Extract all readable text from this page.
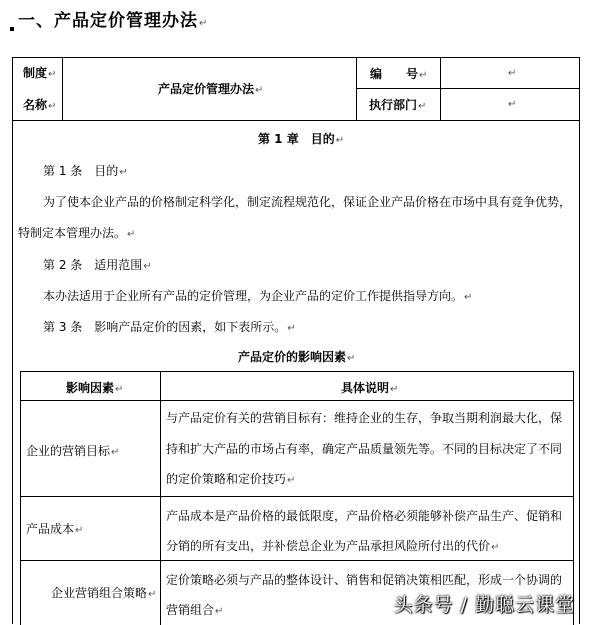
一、产品定价管理办法↵
制度↵
名称↵
产品定价管理办法↵
编　　号↵
执行部门↵
↵
↵
第 1 章　目的↵
第 1 条　目的↵
为了使本企业产品的价格制定科学化，制定流程规范化，保证企业产品价格在市场中具有竞争优势，
特制定本管理办法。↵
第 2 条　适用范围↵
本办法适用于企业所有产品的定价管理，为企业产品的定价工作提供指导方向。↵
第 3 条　影响产品定价的因素，如下表所示。↵
产品定价的影响因素↵
影响因素↵	具体说明↵
企业的营销目标↵
与产品定价有关的营销目标有：维持企业的生存，争取当期利润最大化，保
持和扩大产品的市场占有率，确定产品质量领先等。不同的目标决定了不同
的定价策略和定价技巧↵
产品成本↵
产品成本是产品价格的最低限度，产品价格必须能够补偿产品生产、促销和
分销的所有支出，并补偿总企业为产品承担风险所付出的代价↵
企业营销组合策略↵
定价策略必须与产品的整体设计、销售和促销决策相匹配，形成一个协调的
营销组合↵	头条号 / 勤聪云课堂
